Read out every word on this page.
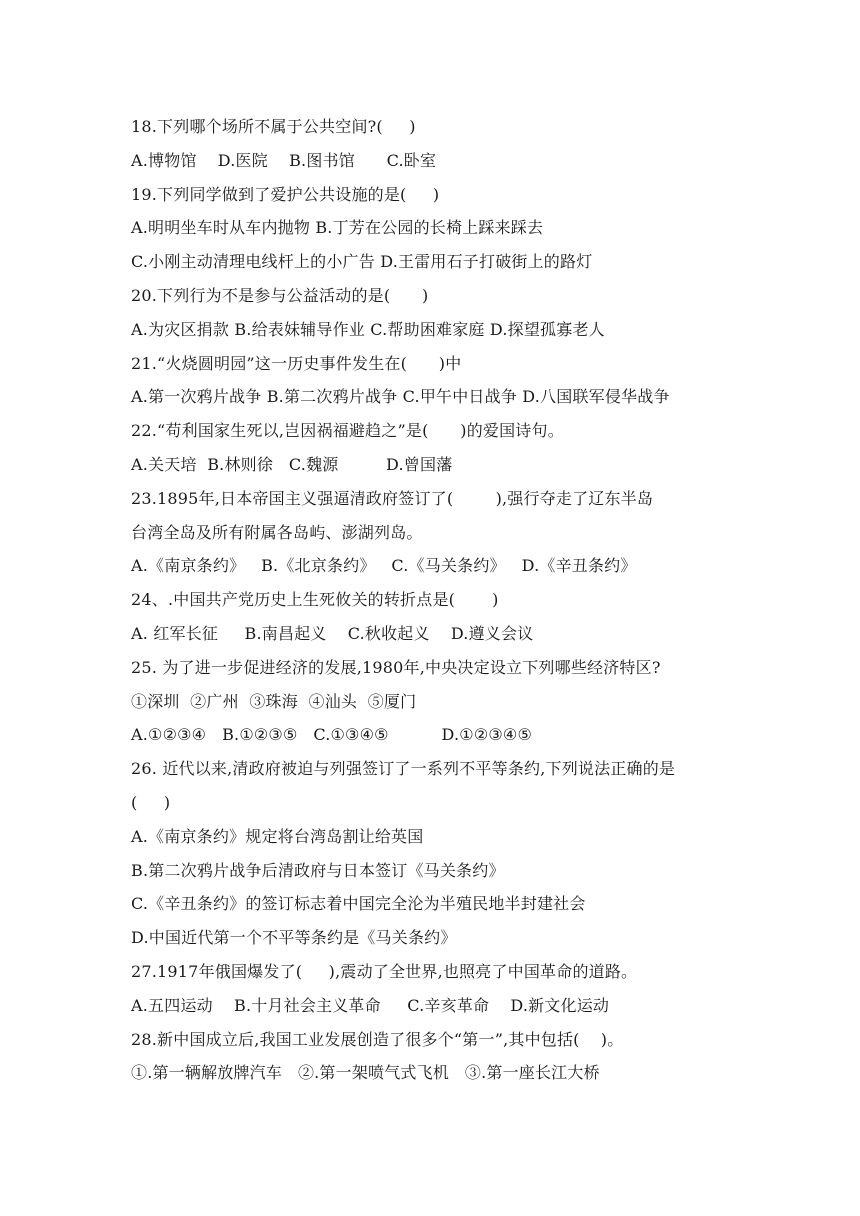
18.下列哪个场所不属于公共空间?(     )
A.博物馆    D.医院    B.图书馆      C.卧室
19.下列同学做到了爱护公共设施的是(     )
A.明明坐车时从车内抛物 B.丁芳在公园的长椅上踩来踩去
C.小刚主动清理电线杆上的小广告 D.王雷用石子打破街上的路灯
20.下列行为不是参与公益活动的是(      )
A.为灾区捐款 B.给表妹辅导作业 C.帮助困难家庭 D.探望孤寡老人
21.“火烧圆明园”这一历史事件发生在(      )中
A.第一次鸦片战争 B.第二次鸦片战争 C.甲午中日战争 D.八国联军侵华战争
22.“苟利国家生死以,岂因祸福避趋之”是(      )的爱国诗句。
A.关天培  B.林则徐   C.魏源         D.曾国藩
23.1895年,日本帝国主义强逼清政府签订了(        ),强行夺走了辽东半岛
台湾全岛及所有附属各岛屿、澎湖列岛。
A.《南京条约》   B.《北京条约》   C.《马关条约》   D.《辛丑条约》
24、.中国共产党历史上生死攸关的转折点是(       )
A. 红军长征     B.南昌起义    C.秋收起义    D.遵义会议
25. 为了进一步促进经济的发展,1980年,中央决定设立下列哪些经济特区?
①深圳  ②广州  ③珠海  ④汕头  ⑤厦门
A.①②③④   B.①②③⑤   C.①③④⑤          D.①②③④⑤
26. 近代以来,清政府被迫与列强签订了一系列不平等条约,下列说法正确的是
(     )
A.《南京条约》规定将台湾岛割让给英国
B.第二次鸦片战争后清政府与日本签订《马关条约》
C.《辛丑条约》的签订标志着中国完全沦为半殖民地半封建社会
D.中国近代第一个不平等条约是《马关条约》
27.1917年俄国爆发了(     ),震动了全世界,也照亮了中国革命的道路。
A.五四运动    B.十月社会主义革命     C.辛亥革命    D.新文化运动
28.新中国成立后,我国工业发展创造了很多个“第一”,其中包括(    )。
①.第一辆解放牌汽车   ②.第一架喷气式飞机   ③.第一座长江大桥
